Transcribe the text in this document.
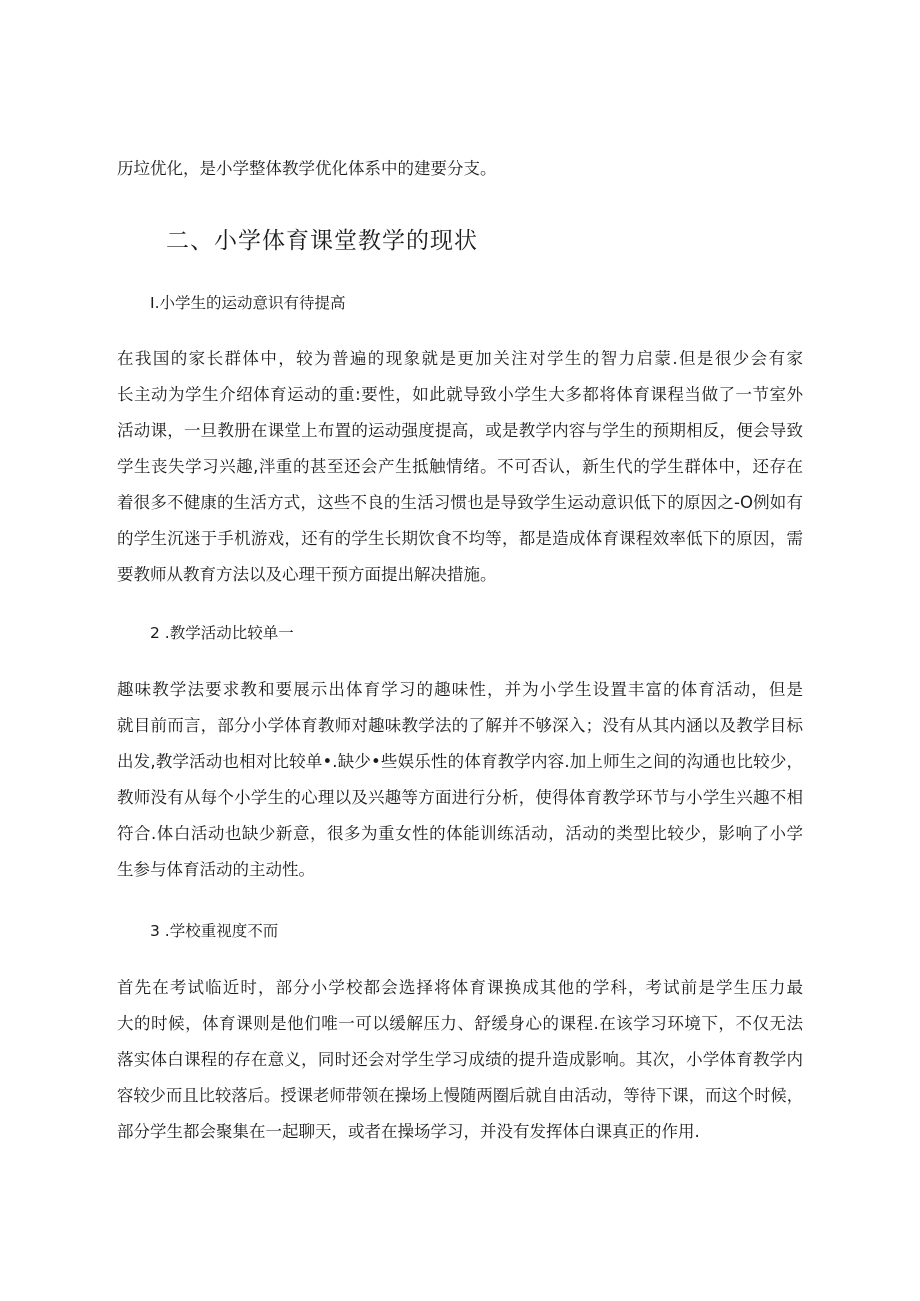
历垃优化，是小学整体教学优化体系中的建要分支。

二、小学体育课堂教学的现状
I.小学生的运动意识有待提高

在我国的家长群体中，较为普遍的现象就是更加关注对学生的智力启蒙.但是很少会有家

长主动为学生介绍体育运动的重:要性，如此就导致小学生大多都将体育课程当做了一节室外

活动课，一旦教册在课堂上布置的运动强度提高，或是教学内容与学生的预期相反，便会导致

学生丧失学习兴趣,泮重的甚至还会产生抵触情绪。不可否认，新生代的学生群体中，还存在

着很多不健康的生活方式，这些不良的生活习惯也是导致学生运动意识低下的原因之-O例如有

的学生沉迷于手机游戏，还有的学生长期饮食不均等，都是造成体育课程效率低下的原因，需

要教师从教育方法以及心理干预方面提出解决措施。

2 .教学活动比较单一

趣味教学法要求教和要展示出体育学习的趣味性，并为小学生设置丰富的体育活动，但是

就目前而言，部分小学体育教师对趣味教学法的了解并不够深入；没有从其内涵以及教学目标

出发,教学活动也相对比较单•.缺少•些娱乐性的体育教学内容.加上师生之间的沟通也比较少，

教师没有从每个小学生的心理以及兴趣等方面进行分析，使得体育教学环节与小学生兴趣不相

符合.体白活动也缺少新意，很多为重女性的体能训练活动，活动的类型比较少，影响了小学

生参与体育活动的主动性。

3 .学校重视度不而

首先在考试临近时，部分小学校都会选择将体育课换成其他的学科，考试前是学生压力最

大的时候，体育课则是他们唯一可以缓解压力、舒缓身心的课程.在该学习环境下，不仅无法

落实体白课程的存在意义，同时还会对学生学习成绩的提升造成影响。其次，小学体育教学内

容较少而且比较落后。授课老师带领在操场上慢随两圈后就自由活动，等待下课，而这个时候，

部分学生都会聚集在一起聊天，或者在操场学习，并没有发挥体白课真正的作用.
